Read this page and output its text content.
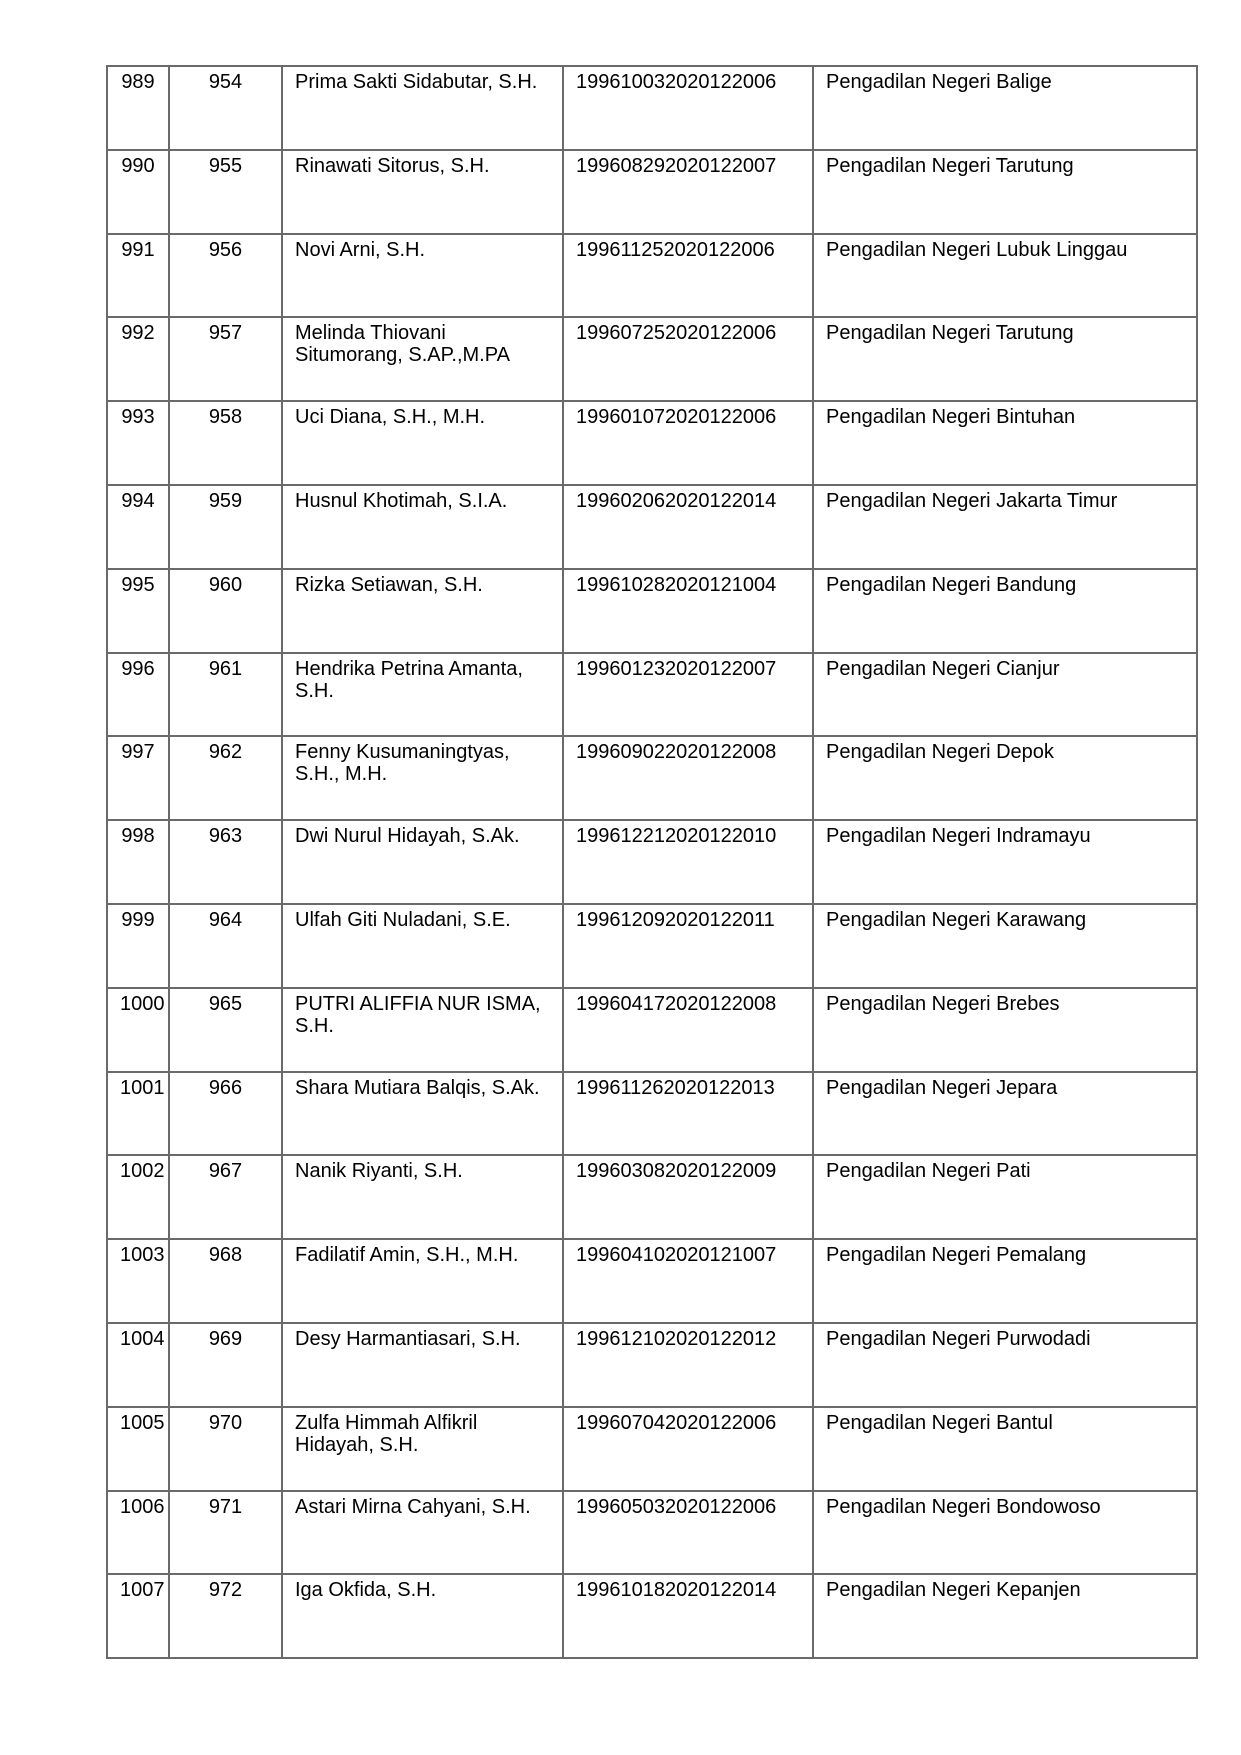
989	954	Prima Sakti Sidabutar, S.H.	199610032020122006	Pengadilan Negeri Balige
990	955	Rinawati Sitorus, S.H.	199608292020122007	Pengadilan Negeri Tarutung
991	956	Novi Arni, S.H.	199611252020122006	Pengadilan Negeri Lubuk Linggau
992	957	Melinda Thiovani Situmorang, S.AP.,M.PA	199607252020122006	Pengadilan Negeri Tarutung
993	958	Uci Diana, S.H., M.H.	199601072020122006	Pengadilan Negeri Bintuhan
994	959	Husnul Khotimah, S.I.A.	199602062020122014	Pengadilan Negeri Jakarta Timur
995	960	Rizka Setiawan, S.H.	199610282020121004	Pengadilan Negeri Bandung
996	961	Hendrika Petrina Amanta, S.H.	199601232020122007	Pengadilan Negeri Cianjur
997	962	Fenny Kusumaningtyas, S.H., M.H.	199609022020122008	Pengadilan Negeri Depok
998	963	Dwi Nurul Hidayah, S.Ak.	199612212020122010	Pengadilan Negeri Indramayu
999	964	Ulfah Giti Nuladani, S.E.	199612092020122011	Pengadilan Negeri Karawang
1000	965	PUTRI ALIFFIA NUR ISMA, S.H.	199604172020122008	Pengadilan Negeri Brebes
1001	966	Shara Mutiara Balqis, S.Ak.	199611262020122013	Pengadilan Negeri Jepara
1002	967	Nanik Riyanti, S.H.	199603082020122009	Pengadilan Negeri Pati
1003	968	Fadilatif Amin, S.H., M.H.	199604102020121007	Pengadilan Negeri Pemalang
1004	969	Desy Harmantiasari, S.H.	199612102020122012	Pengadilan Negeri Purwodadi
1005	970	Zulfa Himmah Alfikril Hidayah, S.H.	199607042020122006	Pengadilan Negeri Bantul
1006	971	Astari Mirna Cahyani, S.H.	199605032020122006	Pengadilan Negeri Bondowoso
1007	972	Iga Okfida, S.H.	199610182020122014	Pengadilan Negeri Kepanjen
